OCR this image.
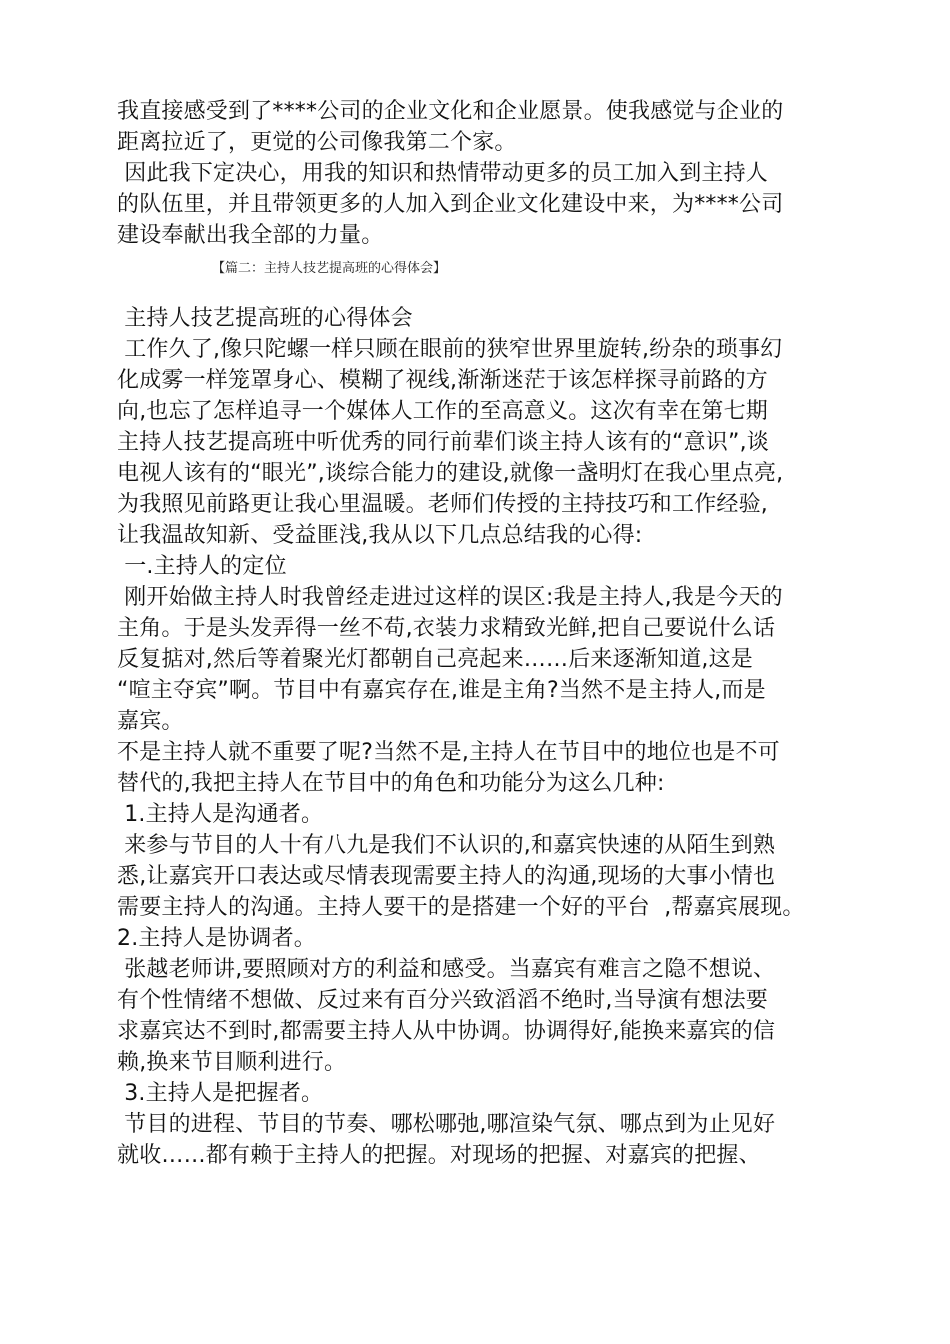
我直接感受到了****公司的企业文化和企业愿景。使我感觉与企业的
距离拉近了，更觉的公司像我第二个家。
因此我下定决心，用我的知识和热情带动更多的员工加入到主持人
的队伍里，并且带领更多的人加入到企业文化建设中来，为****公司
建设奉献出我全部的力量。
【篇二：主持人技艺提高班的心得体会】
主持人技艺提高班的心得体会
工作久了,像只陀螺一样只顾在眼前的狭窄世界里旋转,纷杂的琐事幻
化成雾一样笼罩身心、模糊了视线,渐渐迷茫于该怎样探寻前路的方
向,也忘了怎样追寻一个媒体人工作的至高意义。这次有幸在第七期
主持人技艺提高班中听优秀的同行前辈们谈主持人该有的“意识”,谈
电视人该有的“眼光”,谈综合能力的建设,就像一盏明灯在我心里点亮,
为我照见前路更让我心里温暖。老师们传授的主持技巧和工作经验,
让我温故知新、受益匪浅,我从以下几点总结我的心得:
一.主持人的定位
刚开始做主持人时我曾经走进过这样的误区:我是主持人,我是今天的
主角。于是头发弄得一丝不苟,衣装力求精致光鲜,把自己要说什么话
反复掂对,然后等着聚光灯都朝自己亮起来……后来逐渐知道,这是
“喧主夺宾”啊。节目中有嘉宾存在,谁是主角?当然不是主持人,而是
嘉宾。
不是主持人就不重要了呢?当然不是,主持人在节目中的地位也是不可
替代的,我把主持人在节目中的角色和功能分为这么几种:
1.主持人是沟通者。
来参与节目的人十有八九是我们不认识的,和嘉宾快速的从陌生到熟
悉,让嘉宾开口表达或尽情表现需要主持人的沟通,现场的大事小情也
需要主持人的沟通。主持人要干的是搭建一个好的平台  ,帮嘉宾展现。
2.主持人是协调者。
张越老师讲,要照顾对方的利益和感受。当嘉宾有难言之隐不想说、
有个性情绪不想做、反过来有百分兴致滔滔不绝时,当导演有想法要
求嘉宾达不到时,都需要主持人从中协调。协调得好,能换来嘉宾的信
赖,换来节目顺利进行。
3.主持人是把握者。
节目的进程、节目的节奏、哪松哪弛,哪渲染气氛、哪点到为止见好
就收……都有赖于主持人的把握。对现场的把握、对嘉宾的把握、
